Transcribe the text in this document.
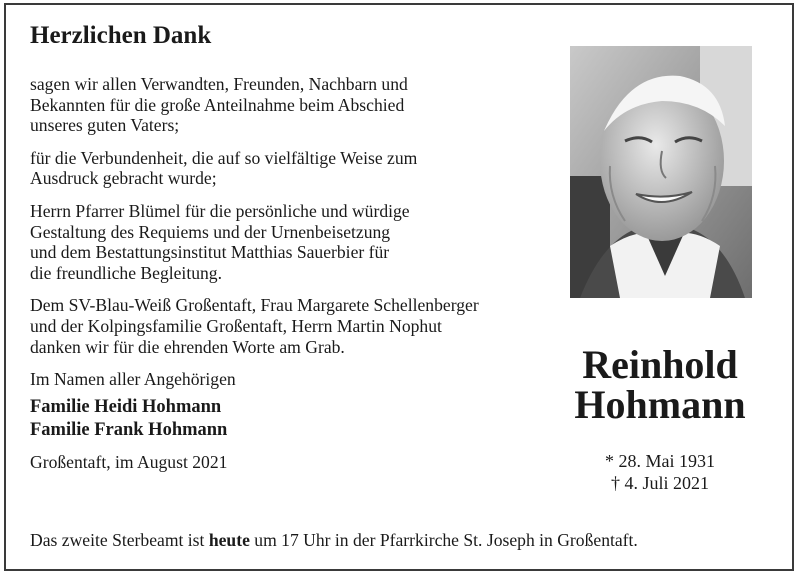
Herzlichen Dank

sagen wir allen Verwandten, Freunden, Nachbarn und
Bekannten für die große Anteilnahme beim Abschied
unseres guten Vaters;

für die Verbundenheit, die auf so vielfältige Weise zum
Ausdruck gebracht wurde;

Herrn Pfarrer Blümel für die persönliche und würdige
Gestaltung des Requiems und der Urnenbeisetzung
und dem Bestattungsinstitut Matthias Sauerbier für
die freundliche Begleitung.

Dem SV-Blau-Weiß Großentaft, Frau Margarete Schellenberger
und der Kolpingsfamilie Großentaft, Herrn Martin Nophut
danken wir für die ehrenden Worte am Grab.

Im Namen aller Angehörigen

Familie Heidi Hohmann
Familie Frank Hohmann

Großentaft, im August 2021

Reinhold
Hohmann
* 28. Mai 1931
† 4. Juli 2021
Das zweite Sterbeamt ist heute um 17 Uhr in der Pfarrkirche St. Joseph in Großentaft.
